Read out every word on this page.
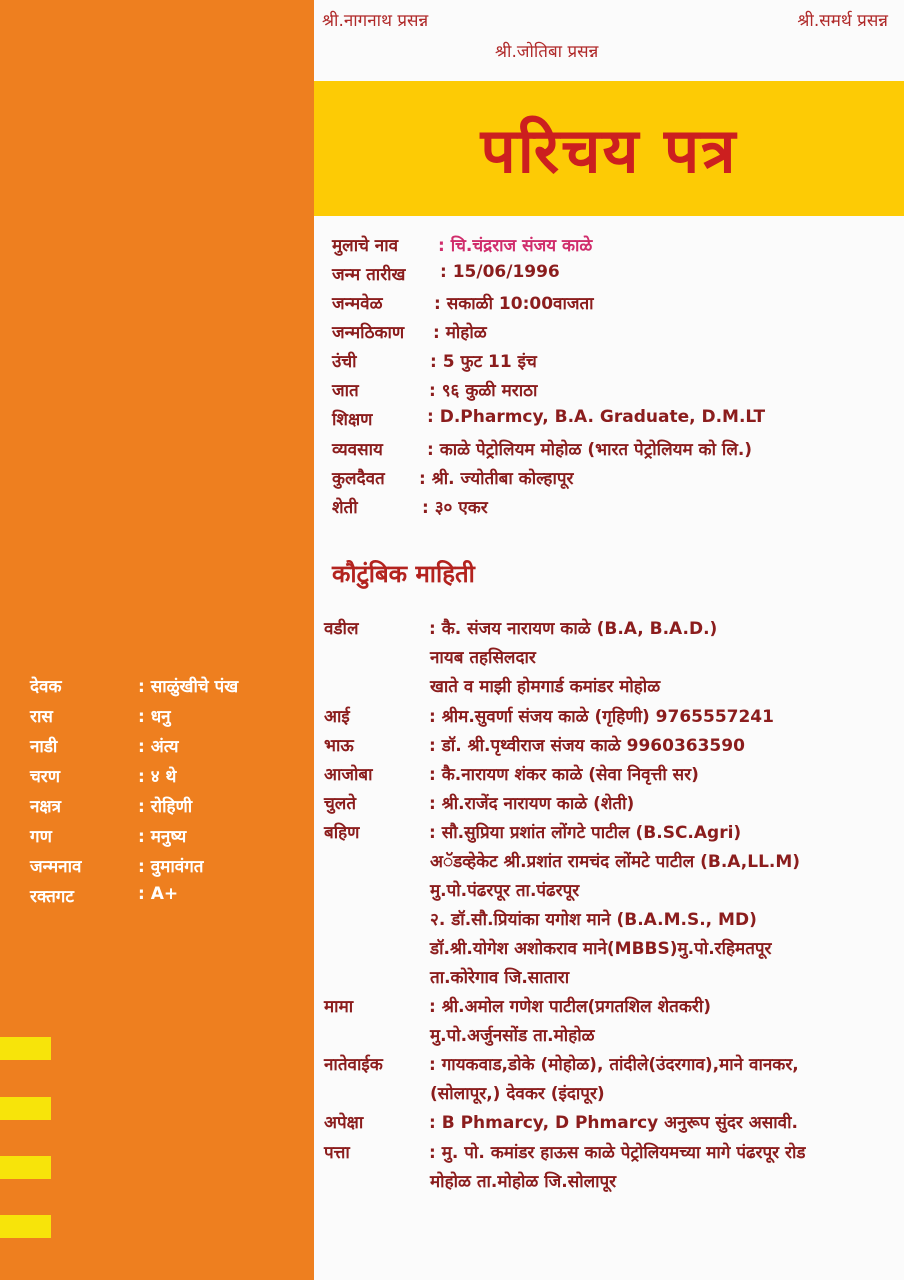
देवक	: साळुंखीचे पंख
रास	: धनु
नाडी	: अंत्य
चरण	: ४ थे
नक्षत्र	: रोहिणी
गण	: मनुष्य
जन्मनाव	: वुमावंगत
रक्तगट	: A+
श्री.नागनाथ प्रसन्न	श्री.समर्थ प्रसन्न
श्री.जोतिबा प्रसन्न
परिचय पत्र
मुलाचे नाव : चि.चंद्रराज संजय काळे
जन्म तारीख : 15/06/1996
जन्मवेळ	: सकाळी 10:00वाजता
जन्मठिकाण : मोहोळ
उंची	: 5 फुट 11 इंच
जात	: ९६ कुळी मराठा
शिक्षण	: D.Pharmcy, B.A. Graduate, D.M.LT
व्यवसाय	: काळे पेट्रोलियम मोहोळ (भारत पेट्रोलियम को लि.)
कुलदैवत : श्री. ज्योतीबा कोल्हापूर
शेती	: ३० एकर
कौटुंबिक माहिती
वडील	: कै. संजय नारायण काळे (B.A, B.A.D.)
नायब तहसिलदार
खाते व माझी होमगार्ड कमांडर मोहोळ
आई	: श्रीम.सुवर्णा संजय काळे (गृहिणी) 9765557241
भाऊ	: डॉ. श्री.पृथ्वीराज संजय काळे 9960363590
आजोबा	: कै.नारायण शंकर काळे (सेवा निवृत्ती सर)
चुलते	: श्री.राजेंद नारायण काळे (शेती)
बहिण	: सौ.सुप्रिया प्रशांत लोंगटे पाटील (B.SC.Agri)
अॅडव्हेकेट श्री.प्रशांत रामचंद लोंमटे पाटील (B.A,LL.M)
मु.पो.पंढरपूर ता.पंढरपूर
२. डॉ.सौ.प्रियांका यगोश माने (B.A.M.S., MD)
डॉ.श्री.योगेश अशोकराव माने(MBBS)मु.पो.रहिमतपूर
ता.कोरेगाव जि.सातारा
मामा	: श्री.अमोल गणेश पाटील(प्रगतशिल शेतकरी)
मु.पो.अर्जुनसोंड ता.मोहोळ
नातेवाईक	: गायकवाड,डोके (मोहोळ), तांदीले(उंदरगाव),माने वानकर,
(सोलापूर,) देवकर (इंदापूर)
अपेक्षा	: B Phmarcy, D Phmarcy अनुरूप सुंदर असावी.
पत्ता	: मु. पो. कमांडर हाऊस काळे पेट्रोलियमच्या मागे पंढरपूर रोड
मोहोळ ता.मोहोळ जि.सोलापूर
